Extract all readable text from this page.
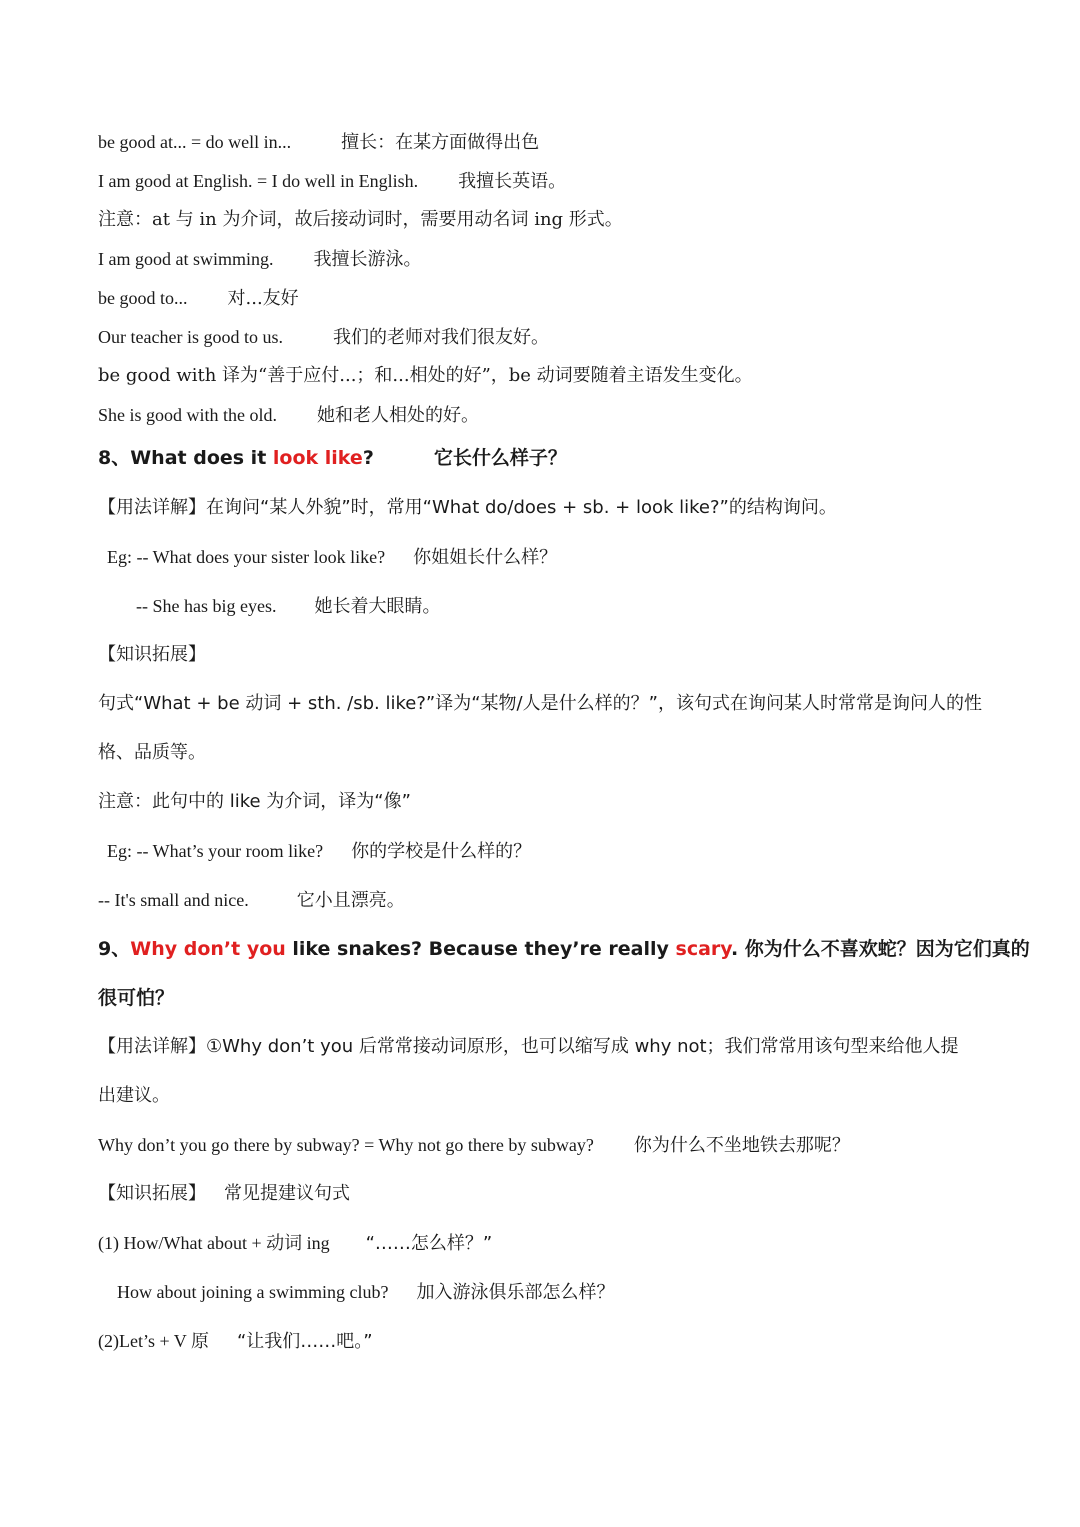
be good at... = do well in...	擅长：在某方面做得出色
I am good at English. = I do well in English. 我擅长英语。
注意：at 与 in 为介词，故后接动词时，需要用动名词 ing 形式。
I am good at swimming. 我擅长游泳。
be good to... 对...友好
Our teacher is good to us.	我们的老师对我们很友好。
be good with 译为“善于应付...；和...相处的好”，be 动词要随着主语发生变化。
She is good with the old. 她和老人相处的好。
8、What does it look like?	它长什么样子？
【用法详解】在询问“某人外貌”时，常用“What do/does + sb. + look like?”的结构询问。
Eg: -- What does your sister look like? 你姐姐长什么样？
-- She has big eyes. 她长着大眼睛。
【知识拓展】
句式“What + be 动词 + sth. /sb. like?”译为“某物/人是什么样的？”，该句式在询问某人时常常是询问人的性
格、品质等。
注意：此句中的 like 为介词，译为“像”
Eg: -- What’s your room like? 你的学校是什么样的？
-- It's small and nice.	它小且漂亮。
9、Why don’t you like snakes? Because they’re really scary. 你为什么不喜欢蛇？因为它们真的
很可怕？
【用法详解】①Why don’t you 后常常接动词原形，也可以缩写成 why not；我们常常用该句型来给他人提
出建议。
Why don’t you go there by subway? = Why not go there by subway? 你为什么不坐地铁去那呢？
【知识拓展】 常见提建议句式
(1) How/What about + 动词 ing “……怎么样？”
How about joining a swimming club? 加入游泳俱乐部怎么样？
(2)Let’s + V 原 “让我们……吧。”
